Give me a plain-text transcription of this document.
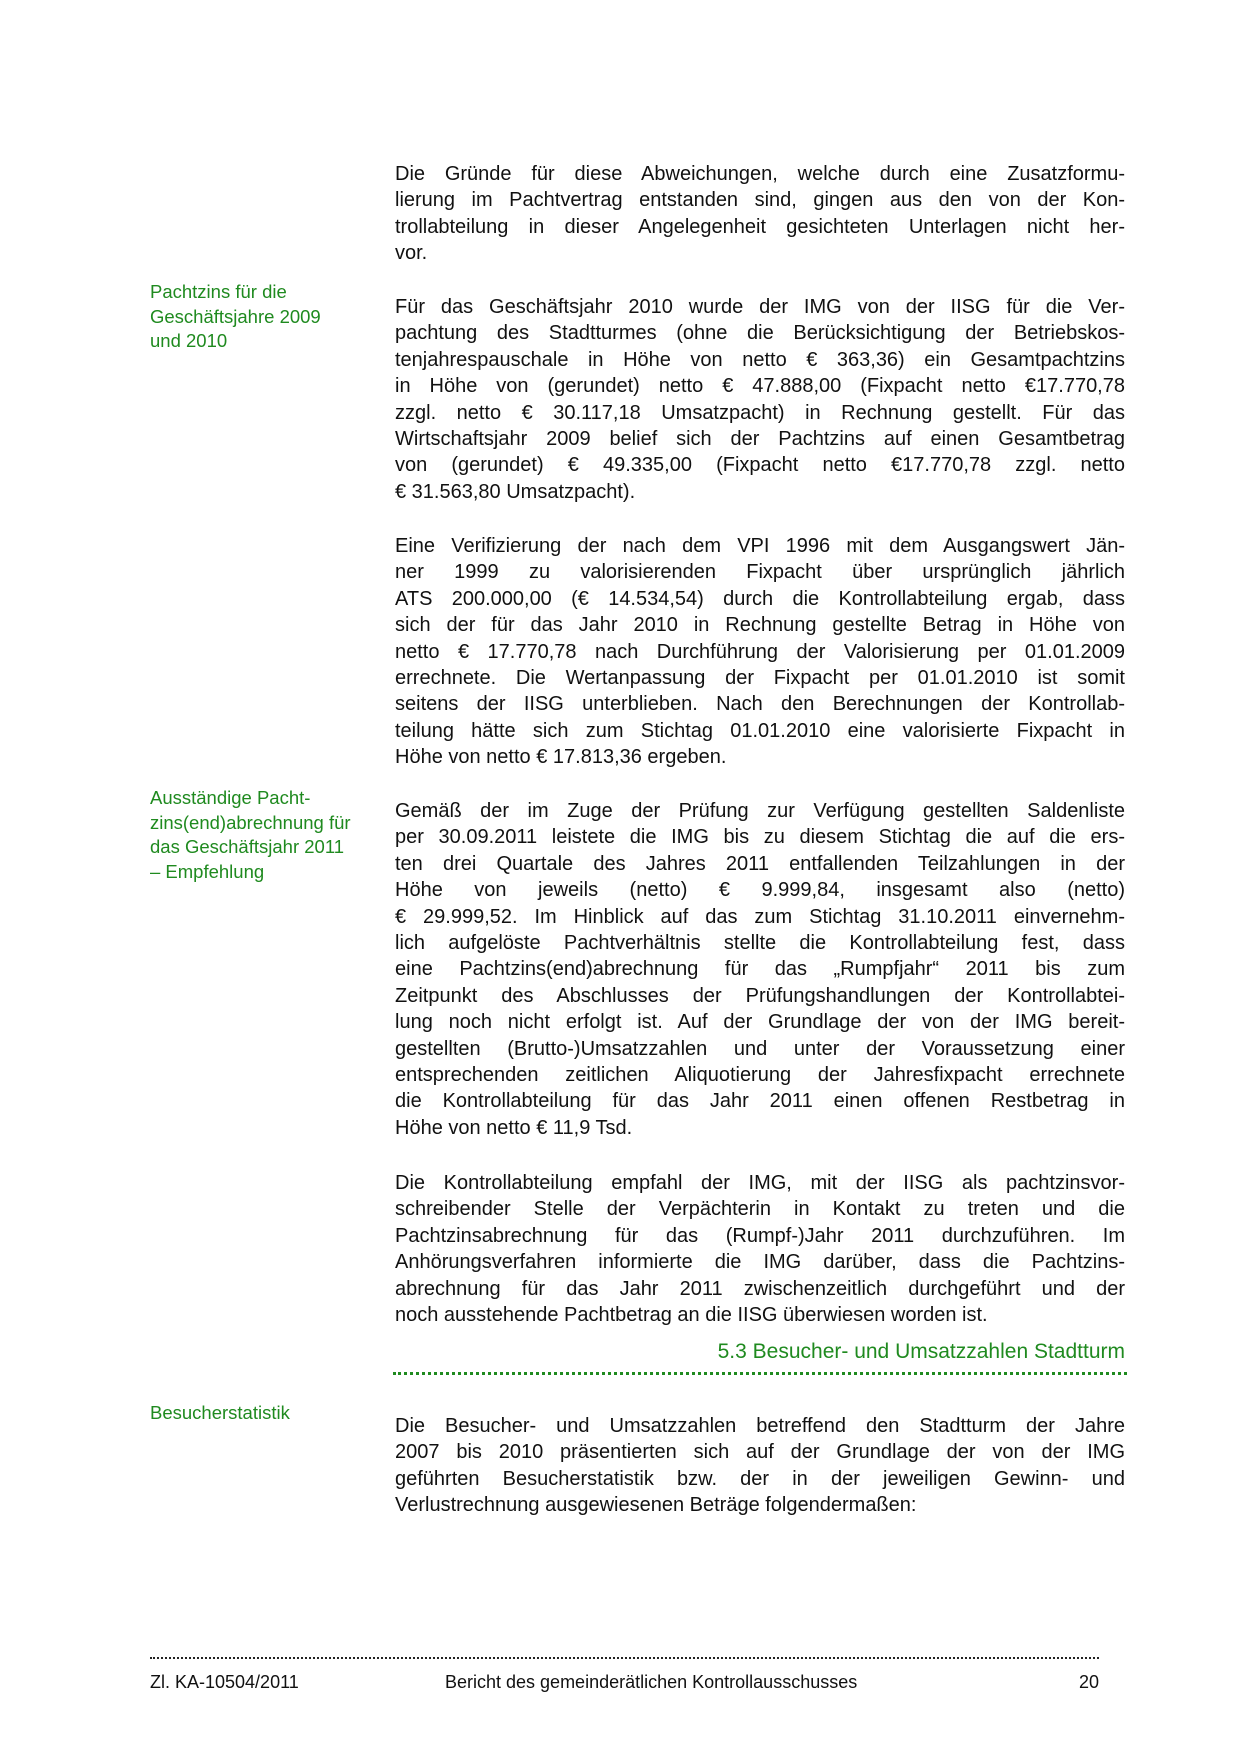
Die Gründe für diese Abweichungen, welche durch eine Zusatzformu-
lierung im Pachtvertrag entstanden sind, gingen aus den von der Kon-
trollabteilung in dieser Angelegenheit gesichteten Unterlagen nicht her-
vor.
Für das Geschäftsjahr 2010 wurde der IMG von der IISG für die Ver-
pachtung des Stadtturmes (ohne die Berücksichtigung der Betriebskos-
tenjahrespauschale in Höhe von netto € 363,36) ein Gesamtpachtzins
in Höhe von (gerundet) netto € 47.888,00 (Fixpacht netto €17.770,78
zzgl. netto € 30.117,18 Umsatzpacht) in Rechnung gestellt. Für das
Wirtschaftsjahr 2009 belief sich der Pachtzins auf einen Gesamtbetrag
von (gerundet) € 49.335,00 (Fixpacht netto €17.770,78 zzgl. netto
€ 31.563,80 Umsatzpacht).
Eine Verifizierung der nach dem VPI 1996 mit dem Ausgangswert Jän-
ner 1999 zu valorisierenden Fixpacht über ursprünglich jährlich
ATS 200.000,00 (€ 14.534,54) durch die Kontrollabteilung ergab, dass
sich der für das Jahr 2010 in Rechnung gestellte Betrag in Höhe von
netto € 17.770,78 nach Durchführung der Valorisierung per 01.01.2009
errechnete. Die Wertanpassung der Fixpacht per 01.01.2010 ist somit
seitens der IISG unterblieben. Nach den Berechnungen der Kontrollab-
teilung hätte sich zum Stichtag 01.01.2010 eine valorisierte Fixpacht in
Höhe von netto € 17.813,36 ergeben.
Gemäß der im Zuge der Prüfung zur Verfügung gestellten Saldenliste
per 30.09.2011 leistete die IMG bis zu diesem Stichtag die auf die ers-
ten drei Quartale des Jahres 2011 entfallenden Teilzahlungen in der
Höhe von jeweils (netto) € 9.999,84, insgesamt also (netto)
€ 29.999,52. Im Hinblick auf das zum Stichtag 31.10.2011 einvernehm-
lich aufgelöste Pachtverhältnis stellte die Kontrollabteilung fest, dass
eine Pachtzins(end)abrechnung für das „Rumpfjahr“ 2011 bis zum
Zeitpunkt des Abschlusses der Prüfungshandlungen der Kontrollabtei-
lung noch nicht erfolgt ist. Auf der Grundlage der von der IMG bereit-
gestellten (Brutto-)Umsatzzahlen und unter der Voraussetzung einer
entsprechenden zeitlichen Aliquotierung der Jahresfixpacht errechnete
die Kontrollabteilung für das Jahr 2011 einen offenen Restbetrag in
Höhe von netto € 11,9 Tsd.
Die Kontrollabteilung empfahl der IMG, mit der IISG als pachtzinsvor-
schreibender Stelle der Verpächterin in Kontakt zu treten und die
Pachtzinsabrechnung für das (Rumpf-)Jahr 2011 durchzuführen. Im
Anhörungsverfahren informierte die IMG darüber, dass die Pachtzins-
abrechnung für das Jahr 2011 zwischenzeitlich durchgeführt und der
noch ausstehende Pachtbetrag an die IISG überwiesen worden ist.
Die Besucher- und Umsatzzahlen betreffend den Stadtturm der Jahre
2007 bis 2010 präsentierten sich auf der Grundlage der von der IMG
geführten Besucherstatistik bzw. der in der jeweiligen Gewinn- und
Verlustrechnung ausgewiesenen Beträge folgendermaßen:
Pachtzins für die
Geschäftsjahre 2009
und 2010
Ausständige Pacht-
zins(end)abrechnung für
das Geschäftsjahr 2011
– Empfehlung
Besucherstatistik
5.3 Besucher- und Umsatzzahlen Stadtturm
Zl. KA-10504/2011	Bericht des gemeinderätlichen Kontrollausschusses	20
